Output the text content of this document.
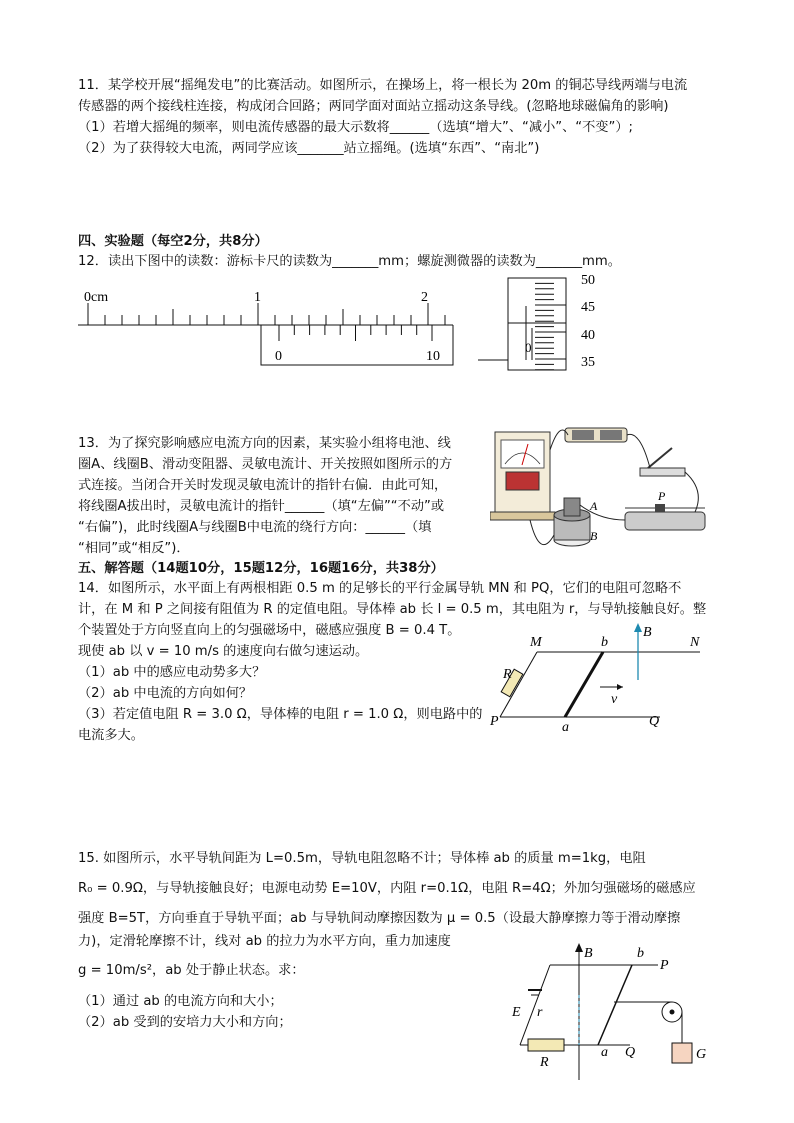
11．某学校开展“摇绳发电”的比赛活动。如图所示，在操场上，将一根长为 20m 的铜芯导线两端与电流
传感器的两个接线柱连接，构成闭合回路；两同学面对面站立摇动这条导线。(忽略地球磁偏角的影响)
（1）若增大摇绳的频率，则电流传感器的最大示数将______（选填“增大”、“减小”、“不变”）;
（2）为了获得较大电流，两同学应该_______站立摇绳。(选填“东西”、“南北”)
四、实验题（每空2分，共8分）
12．读出下图中的读数：游标卡尺的读数为_______mm；螺旋测微器的读数为_______mm。
0cm	1	2
0	10
0
50
45
40
35
13．为了探究影响感应电流方向的因素，某实验小组将电池、线
圈A、线圈B、滑动变阻器、灵敏电流计、开关按照如图所示的方
式连接。当闭合开关时发现灵敏电流计的指针右偏．由此可知，
将线圈A拔出时，灵敏电流计的指针______（填“左偏”“不动”或
“右偏”)，此时线圈A与线圈B中电流的绕行方向：______（填
“相同”或“相反”)．
A
B
P
五、解答题（14题10分，15题12分，16题16分，共38分）
14．如图所示，水平面上有两根相距 0.5 m 的足够长的平行金属导轨 MN 和 PQ，它们的电阻可忽略不
计，在 M 和 P 之间接有阻值为 R 的定值电阻。导体棒 ab 长 l = 0.5 m，其电阻为 r，与导轨接触良好。整
个装置处于方向竖直向上的匀强磁场中，磁感应强度 B = 0.4 T。
现使 ab 以 v = 10 m/s 的速度向右做匀速运动。
（1）ab 中的感应电动势多大？
（2）ab 中电流的方向如何？
（3）若定值电阻 R = 3.0 Ω，导体棒的电阻 r = 1.0 Ω，则电路中的
电流多大。
M	N
P	Q
b
a
B
R
v
15. 如图所示，水平导轨间距为 L=0.5m，导轨电阻忽略不计；导体棒 ab 的质量 m=1kg，电阻
R₀ = 0.9Ω，与导轨接触良好；电源电动势 E=10V，内阻 r=0.1Ω，电阻 R=4Ω；外加匀强磁场的磁感应
强度 B=5T，方向垂直于导轨平面；ab 与导轨间动摩擦因数为 μ = 0.5（设最大静摩擦力等于滑动摩擦
力)，定滑轮摩擦不计，线对 ab 的拉力为水平方向，重力加速度
g = 10m/s²，ab 处于静止状态。求：
（1）通过 ab 的电流方向和大小；
（2）ab 受到的安培力大小和方向；
B	b
P
E r
R
a Q	G
